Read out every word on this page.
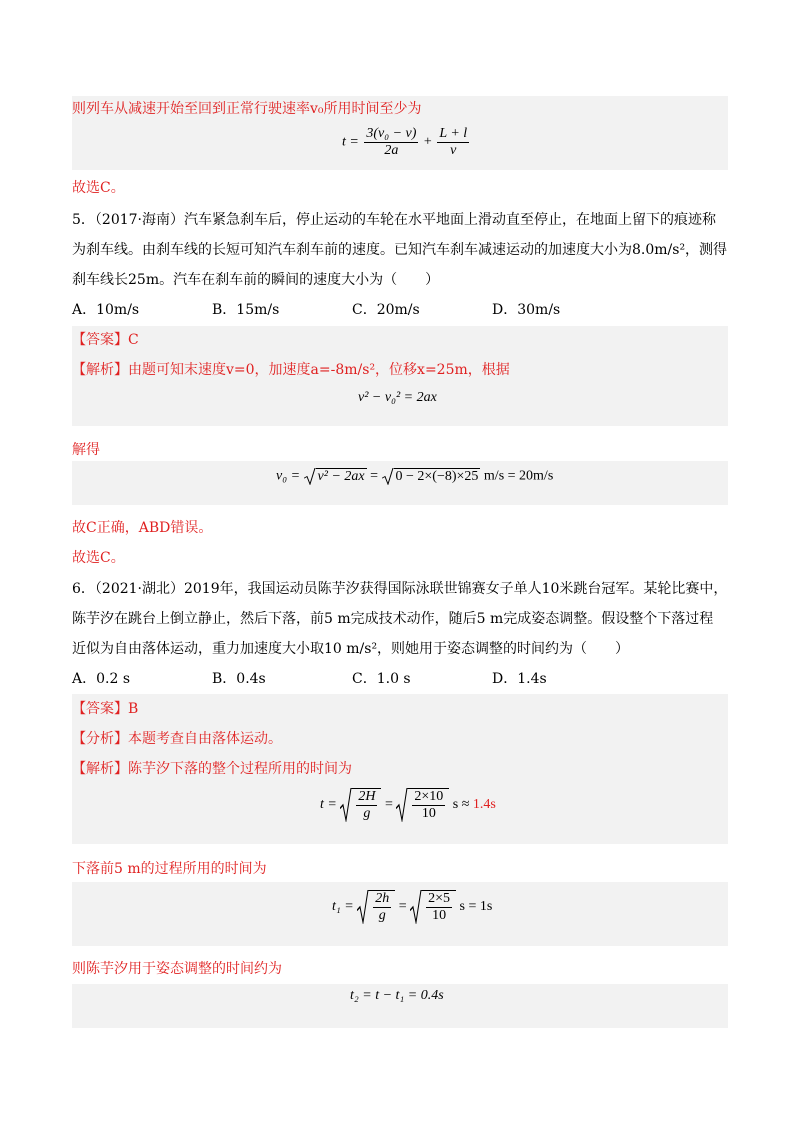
则列车从减速开始至回到正常行驶速率v₀所用时间至少为
$t = \frac{\text{3(v₀ − v)}}{2a} + \frac{L + l}{v}$
故选C。
5．（2017·海南）汽车紧急刹车后，停止运动的车轮在水平地面上滑动直至停止，在地面上留下的痕迹称
为刹车线。由刹车线的长短可知汽车刹车前的速度。已知汽车刹车减速运动的加速度大小为8.0m/s²，测得
刹车线长25m。汽车在刹车前的瞬间的速度大小为（　　）
A．10m/s	B．15m/s	C．20m/s	D．30m/s
【答案】C
【解析】由题可知末速度v=0，加速度a=-8m/s²，位移x=25m，根据
v² − v₀² = 2ax
解得
v₀ = v² − 2ax = 0 − 2×(−8)×25 m/s = 20m/s
故C正确，ABD错误。
故选C。
6．（2021·湖北）2019年，我国运动员陈芋汐获得国际泳联世锦赛女子单人10米跳台冠军。某轮比赛中，
陈芋汐在跳台上倒立静止，然后下落，前5 m完成技术动作，随后5 m完成姿态调整。假设整个下落过程
近似为自由落体运动，重力加速度大小取10 m/s²，则她用于姿态调整的时间约为（　　）
A．0.2 s	B．0.4s	C．1.0 s	D．1.4s
【答案】B
【分析】本题考查自由落体运动。
【解析】陈芋汐下落的整个过程所用的时间为
$t = \frac{2H}{g} = \frac{2\times 10}{10}$ s ≈ 1.4s
下落前5 m的过程所用的时间为
$t_1 = \frac{2h}{g} = \frac{2\times 5}{10}$ s = 1s
则陈芋汐用于姿态调整的时间约为
t₂ = t − t₁ = 0.4s
